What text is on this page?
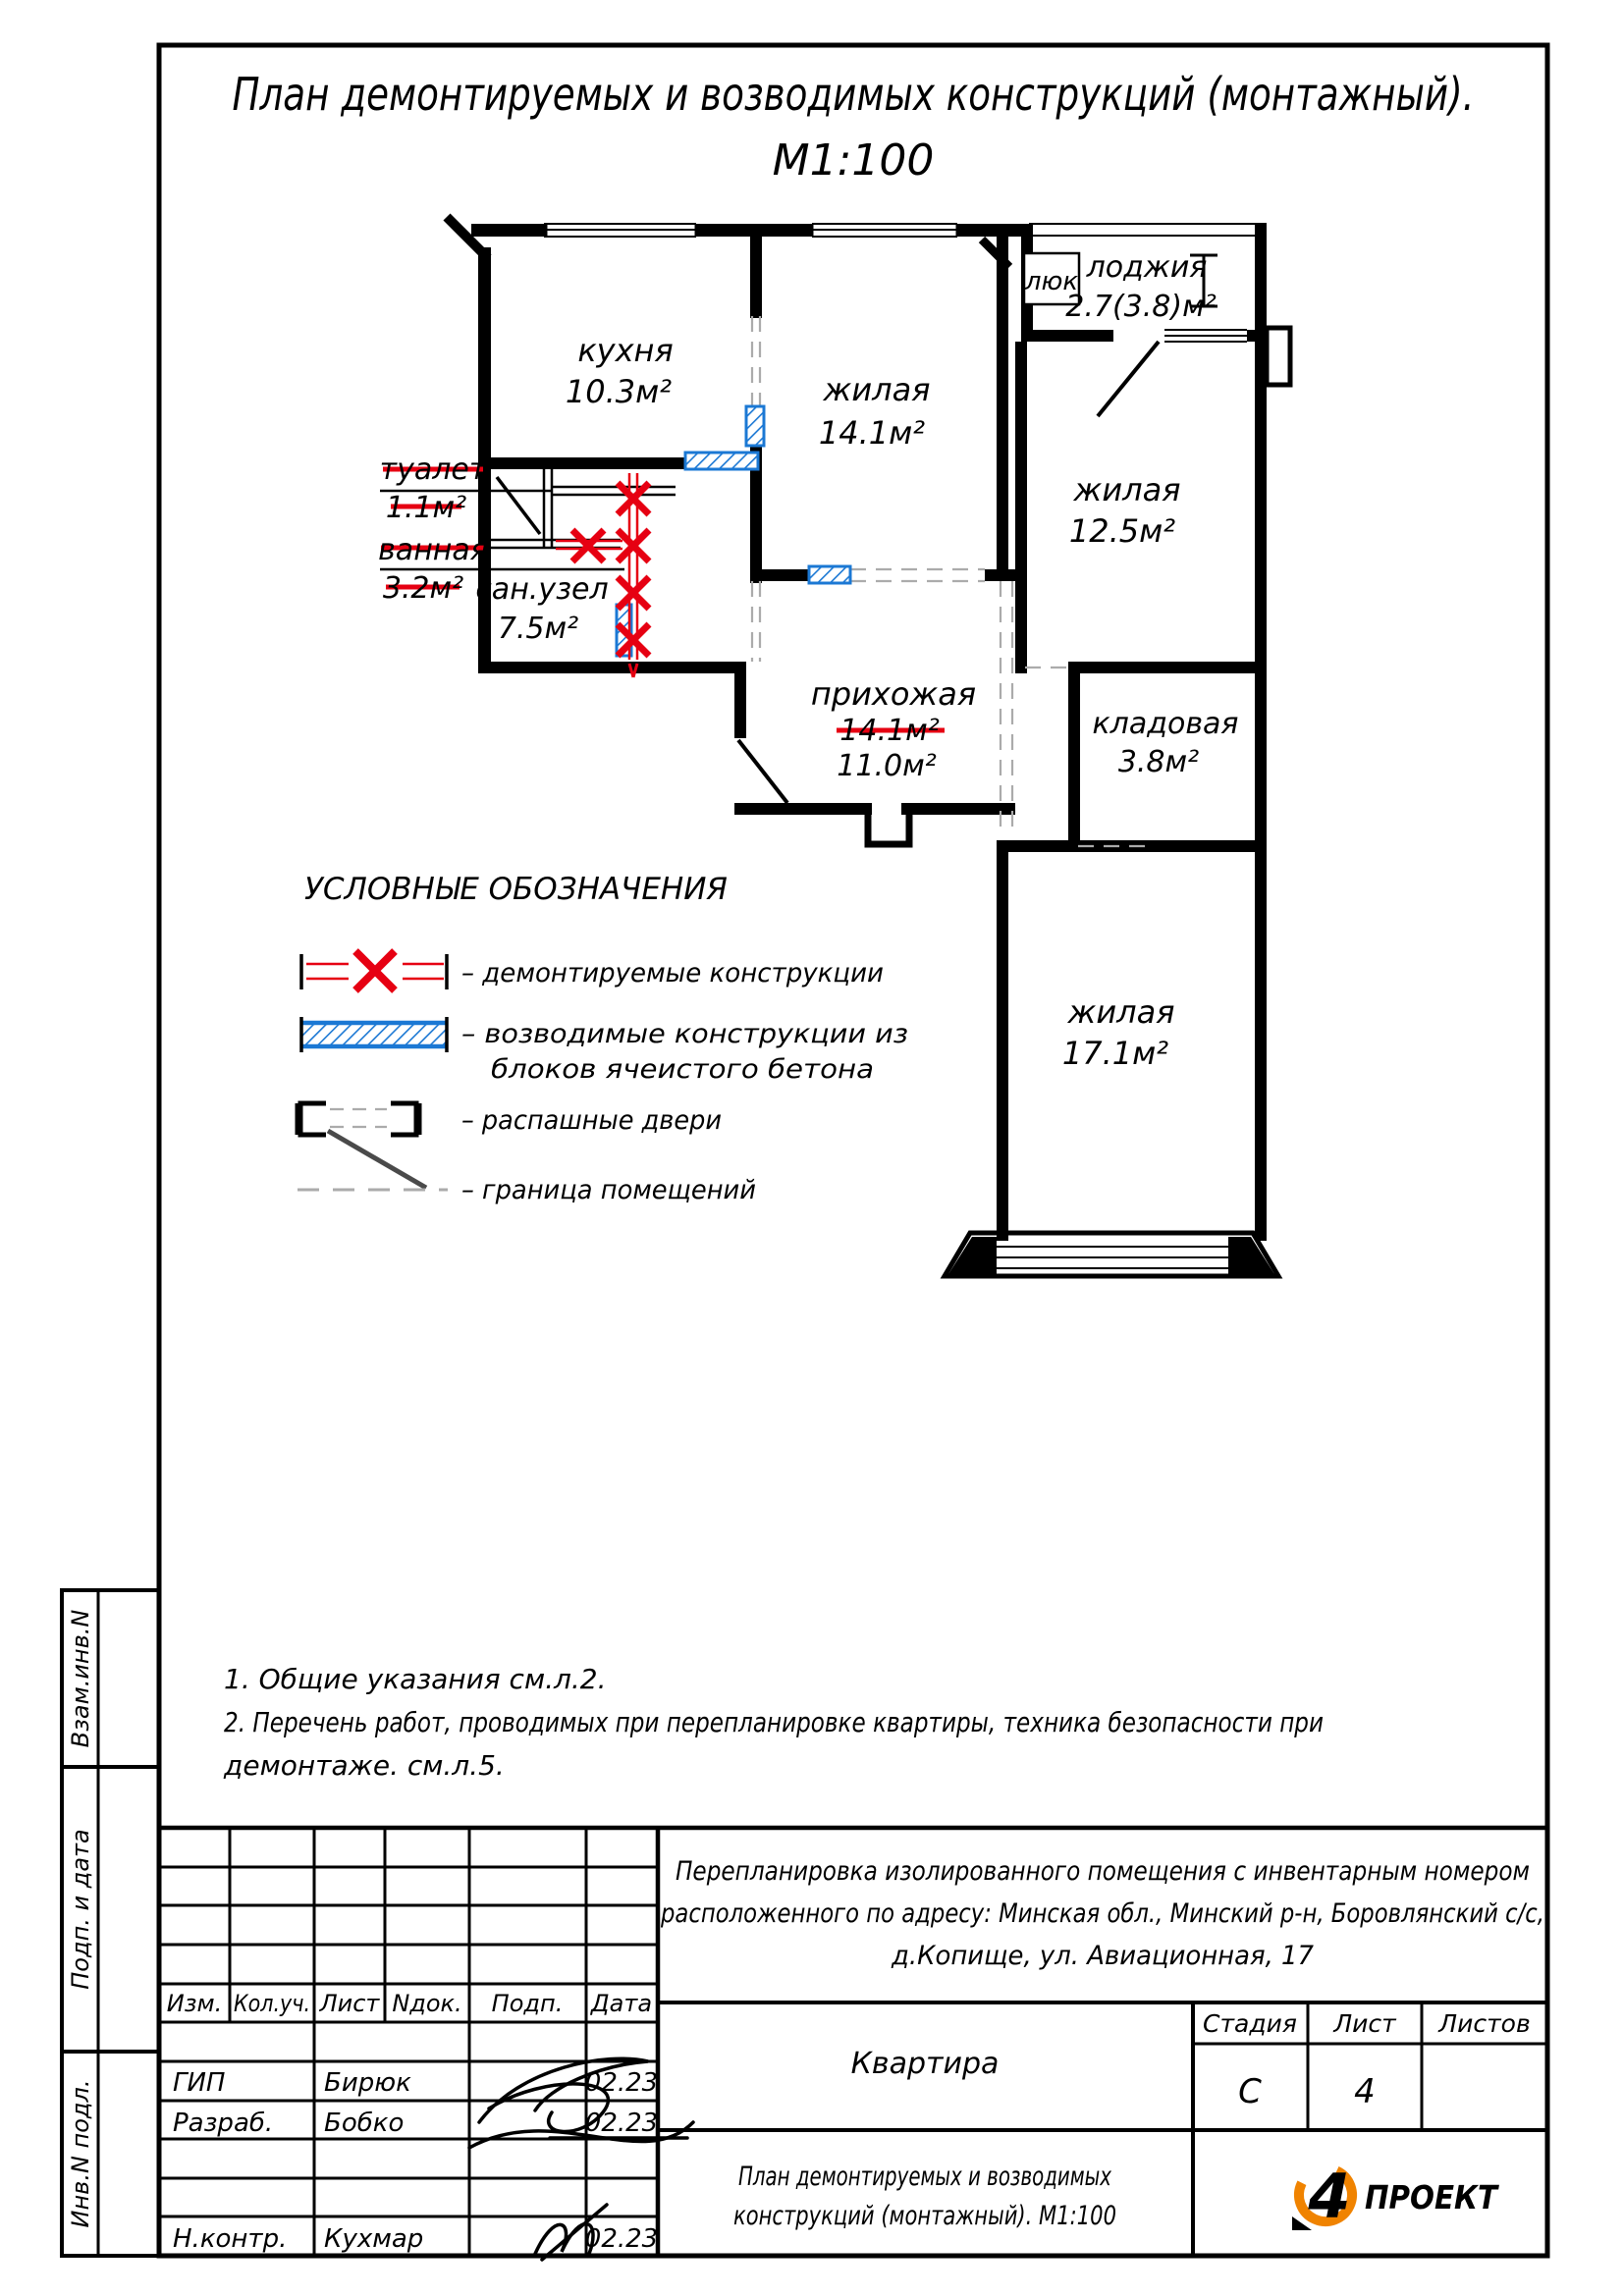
План демонтируемых и возводимых конструкций (монтажный).
М1:100
кухня
10.3м²	жилая
14.1м²
жилая
12.5м²
жилая
17.1м²
прихожая
14.1м²
11.0м²
кладовая
3.8м²
сан.узел
7.5м²
лоджия
2.7(3.8)м²
туалет
1.1м²
ванная
3.2м²
люк
УСЛОВНЫЕ ОБОЗНАЧЕНИЯ
– демонтируемые конструкции
– возводимые конструкции из
блоков ячеистого бетона
– распашные двери
– граница помещений
1. Общие указания см.л.2.
2. Перечень работ, проводимых при перепланировке квартиры, техника безопасности при
демонтаже. см.л.5.
Взам.инв.N
Подп. и дата
Инв.N подл.
Изм. Кол.уч. Лист Nдок. Подп. Дата
ГИП	Бирюк	02.23
Разраб. Бобко	02.23
Н.контр. Кухмар	02.23
Перепланировка изолированного помещения с инвентарным номером
расположенного по адресу: Минская обл., Минский р-н, Боровлянский с/с,
д.Копище, ул. Авиационная, 17
Квартира
Стадия Лист Листов
С	4
План демонтируемых и возводимых
конструкций (монтажный). М1:100	4 ПРОЕКТ
